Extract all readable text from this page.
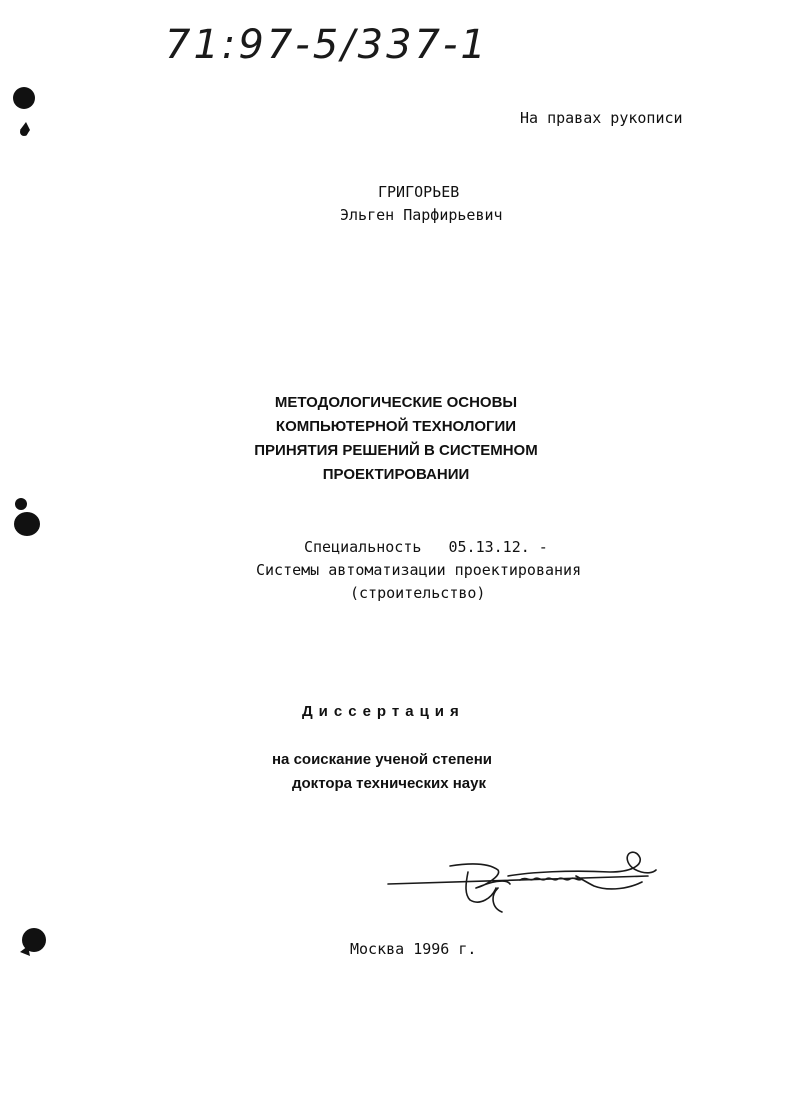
71:97-5/337-1
На правах рукописи
ГРИГОРЬЕВ
Эльген Парфирьевич
МЕТОДОЛОГИЧЕСКИЕ ОСНОВЫ
КОМПЬЮТЕРНОЙ ТЕХНОЛОГИИ
ПРИНЯТИЯ РЕШЕНИЙ В СИСТЕМНОМ
ПРОЕКТИРОВАНИИ
Специальность   05.13.12. -
Системы автоматизации проектирования
(строительство)
Диссертация
на соискание ученой степени
доктора технических наук
Москва 1996 г.
